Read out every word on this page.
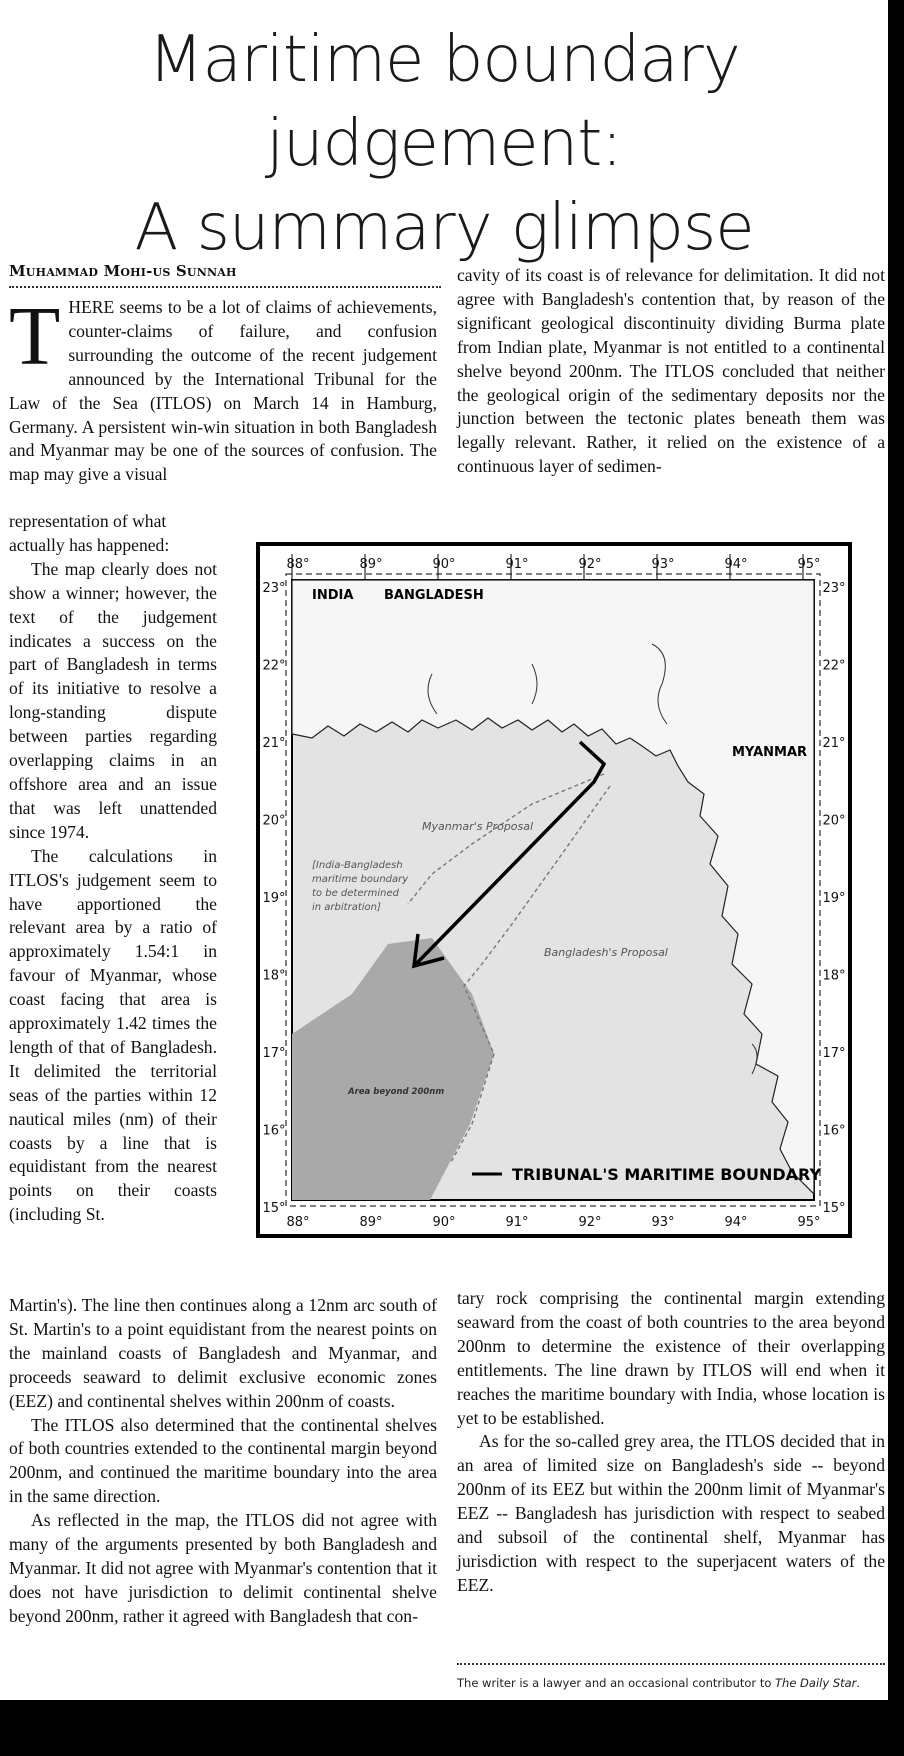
Maritime boundary judgement:
A summary glimpse
Muhammad Mohi-us Sunnah

THERE seems to be a lot of claims of achievements, counter-claims of failure, and confusion surrounding the outcome of the recent judgement announced by the International Tribunal for the Law of the Sea (ITLOS) on March 14 in Hamburg, Germany. A persistent win-win situation in both Bangladesh and Myanmar may be one of the sources of confusion. The map may give a visual

representation of what actually has happened:

The map clearly does not show a winner; however, the text of the judgement indicates a success on the part of Bangladesh in terms of its initiative to resolve a long-standing dispute between parties regarding overlapping claims in an offshore area and an issue that was left unattended since 1974.

The calculations in ITLOS's judgement seem to have apportioned the relevant area by a ratio of approximately 1.54:1 in favour of Myanmar, whose coast facing that area is approximately 1.42 times the length of that of Bangladesh. It delimited the territorial seas of the parties within 12 nautical miles (nm) of their coasts by a line that is equidistant from the nearest points on their coasts (including St.

Martin's). The line then continues along a 12nm arc south of St. Martin's to a point equidistant from the nearest points on the mainland coasts of Bangladesh and Myanmar, and proceeds seaward to delimit exclusive economic zones (EEZ) and continental shelves within 200nm of coasts.

The ITLOS also determined that the continental shelves of both countries extended to the continental margin beyond 200nm, and continued the maritime boundary into the area in the same direction.

As reflected in the map, the ITLOS did not agree with many of the arguments presented by both Bangladesh and Myanmar. It did not agree with Myanmar's contention that it does not have jurisdiction to delimit continental shelve beyond 200nm, rather it agreed with Bangladesh that con-

cavity of its coast is of relevance for delimitation. It did not agree with Bangladesh's contention that, by reason of the significant geological discontinuity dividing Burma plate from Indian plate, Myanmar is not entitled to a continental shelve beyond 200nm. The ITLOS concluded that neither the geological origin of the sedimentary deposits nor the junction between the tectonic plates beneath them was legally relevant. Rather, it relied on the existence of a continuous layer of sedimen-

tary rock comprising the continental margin extending seaward from the coast of both countries to the area beyond 200nm to determine the existence of their overlapping entitlements. The line drawn by ITLOS will end when it reaches the maritime boundary with India, whose location is yet to be established.

As for the so-called grey area, the ITLOS decided that in an area of limited size on Bangladesh's side -- beyond 200nm of its EEZ but within the 200nm limit of Myanmar's EEZ -- Bangladesh has jurisdiction with respect to seabed and subsoil of the continental shelf, Myanmar has jurisdiction with respect to the superjacent waters of the EEZ.

The writer is a lawyer and an occasional contributor to The Daily Star.
88°	89°	90°	91°	92°	93°	94°	95°
88°	89°	90°	91°	92°	93°	94°	95°
23°
22°
21°
20°
19°
18°
17°
16°
15°
23°
22°
21°
20°
19°
18°
17°
16°
15°
INDIA BANGLADESH
MYANMAR
Myanmar's Proposal
Bangladesh's Proposal
[India-Bangladesh
maritime boundary
to be determined
in arbitration]
Area beyond 200nm
TRIBUNAL'S MARITIME BOUNDARY
